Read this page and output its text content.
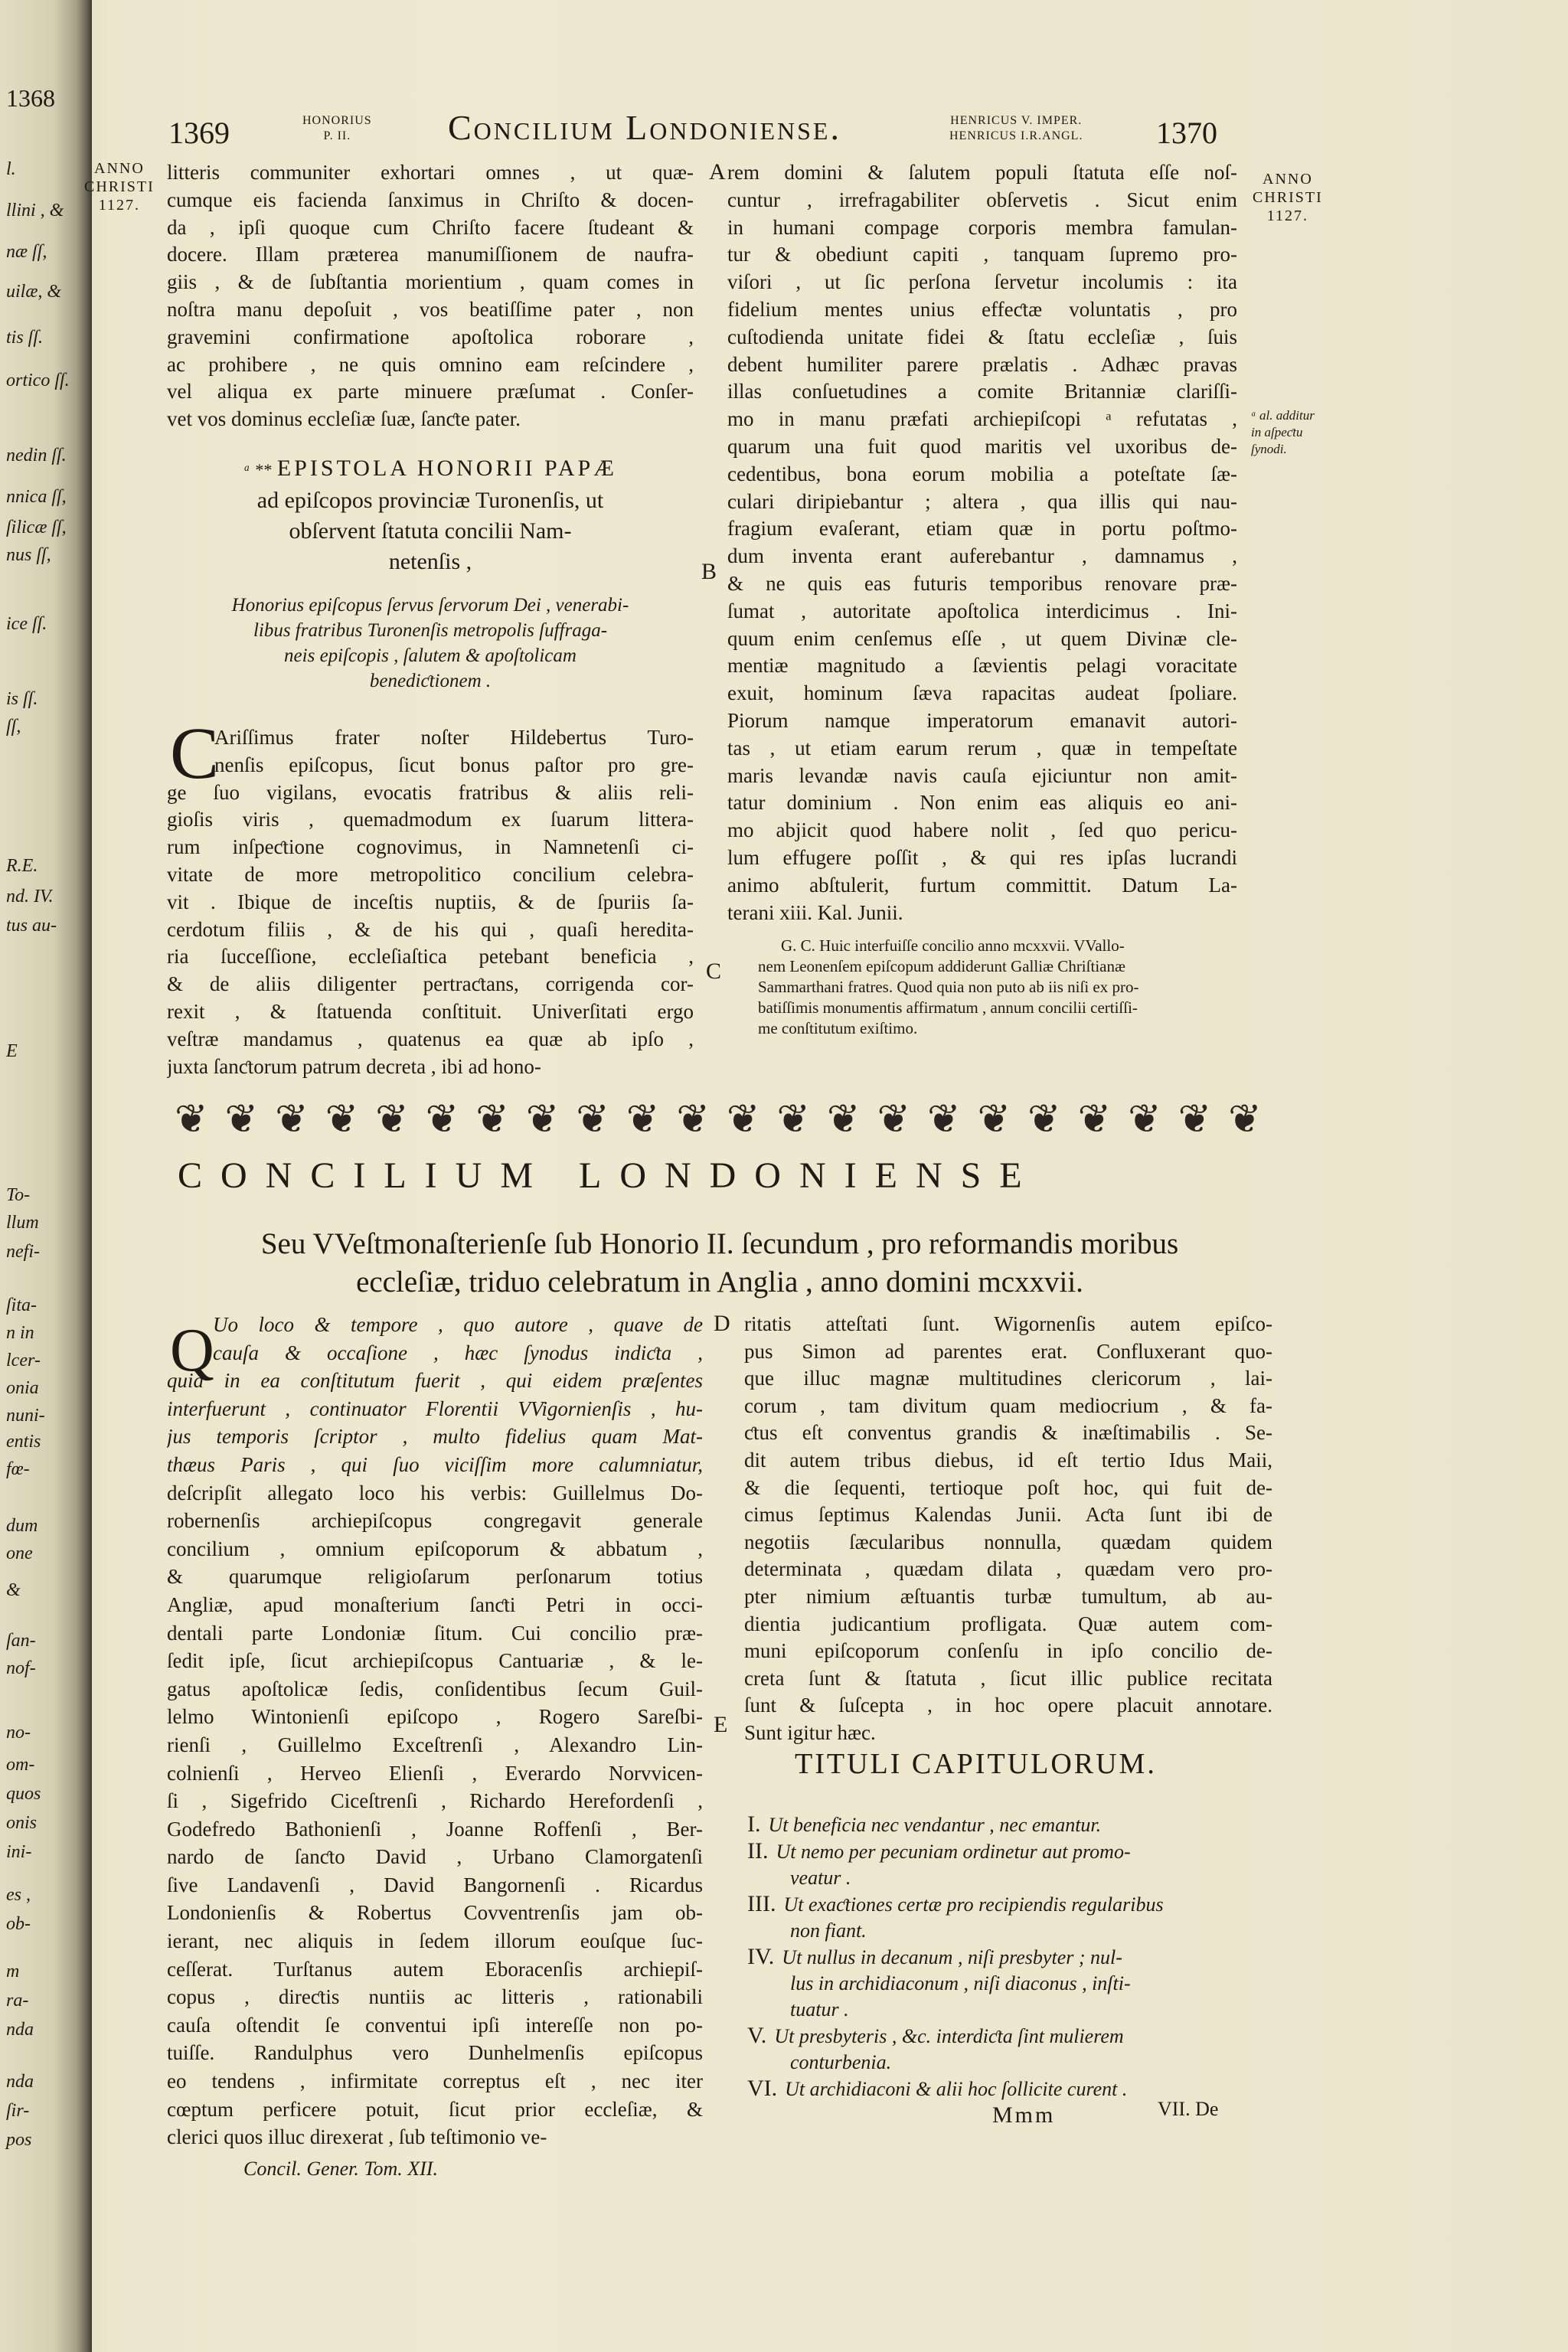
1368
l.
llini , &
næ ſſ,
uilæ, &
tis ſſ.
ortico ſſ.
nedin ſſ.
nnica ſſ,
ſilicæ ſſ,
nus ſſ,
ice ſſ.
is ſſ.
ſſ,
R.E.
nd. IV.
tus au-
E
To-
llum
nefi-
ſita-
n in
lcer-
onia
nuni-
entis
fœ-
dum
one
&
ſan-
nof-
no-
om-
quos
onis
ini-
es ,
ob-
m
ra-
nda
nda
ſir-
pos
1369	HONORIUS
P. II.	Concilium Londoniense.	HENRICUS V. IMPER.
HENRICUS I.R.ANGL. 1370
ANNO
CHRISTI
1127.
ANNO
CHRISTI
1127.
litteris communiter exhortari omnes , ut quæ-
cumque eis facienda ſanximus in Chriſto & docen-
da , ipſi quoque cum Chriſto facere ſtudeant &
docere. Illam præterea manumiſſionem de naufra-
giis , & de ſubſtantia morientium , quam comes in
noſtra manu depoſuit , vos beatiſſime pater , non
gravemini confirmatione apoſtolica roborare ,
ac prohibere , ne quis omnino eam reſcindere ,
vel aliqua ex parte minuere præſumat . Conſer-
vet vos dominus eccleſiæ ſuæ, ſanƈte pater.
ᵃ ** EPISTOLA HONORII PAPÆ
ad epiſcopos provinciæ Turonenſis, ut
obſervent ſtatuta concilii Nam-
netenſis ,
Honorius epiſcopus ſervus ſervorum Dei , venerabi-
libus fratribus Turonenſis metropolis ſuffraga-
neis epiſcopis , ſalutem & apoſtolicam
benediƈtionem .
C
Ariſſimus frater noſter Hildebertus Turo-
nenſis epiſcopus, ſicut bonus paſtor pro gre-
ge ſuo vigilans, evocatis fratribus & aliis reli-
gioſis viris , quemadmodum ex ſuarum littera-
rum inſpeƈtione cognovimus, in Namnetenſi ci-
vitate de more metropolitico concilium celebra-
vit . Ibique de inceſtis nuptiis, & de ſpuriis ſa-
cerdotum filiis , & de his qui , quaſi heredita-
ria ſucceſſione, eccleſiaſtica petebant beneficia ,
& de aliis diligenter pertraƈtans, corrigenda cor-
rexit , & ſtatuenda conſtituit. Univerſitati ergo
veſtræ mandamus , quatenus ea quæ ab ipſo ,
juxta ſanƈtorum patrum decreta , ibi ad hono-
rem domini & ſalutem populi ſtatuta eſſe noſ-
cuntur , irrefragabiliter obſervetis . Sicut enim
in humani compage corporis membra famulan-
tur & obediunt capiti , tanquam ſupremo pro-
viſori , ut ſic perſona ſervetur incolumis : ita
fidelium mentes unius effeƈtæ voluntatis , pro
cuſtodienda unitate fidei & ſtatu eccleſiæ , ſuis
debent humiliter parere prælatis . Adhæc pravas
illas conſuetudines a comite Britanniæ clariſſi-
mo in manu præfati archiepiſcopi ᵃ refutatas ,
quarum una fuit quod maritis vel uxoribus de-
cedentibus, bona eorum mobilia a poteſtate ſæ-
culari diripiebantur ; altera , qua illis qui nau-
fragium evaſerant, etiam quæ in portu poſtmo-
dum inventa erant auferebantur , damnamus ,
& ne quis eas futuris temporibus renovare præ-
ſumat , autoritate apoſtolica interdicimus . Ini-
quum enim cenſemus eſſe , ut quem Divinæ cle-
mentiæ magnitudo a ſævientis pelagi voracitate
exuit, hominum ſæva rapacitas audeat ſpoliare.
Piorum namque imperatorum emanavit autori-
tas , ut etiam earum rerum , quæ in tempeſtate
maris levandæ navis cauſa ejiciuntur non amit-
tatur dominium . Non enim eas aliquis eo ani-
mo abjicit quod habere nolit , ſed quo pericu-
lum effugere poſſit , & qui res ipſas lucrandi
animo abſtulerit, furtum committit. Datum La-
terani xiii. Kal. Junii.
ᵃ al. additur
in aſpeƈtu
ſynodi.
G. C. Huic interfuiſſe concilio anno mcxxvii. VVallo-
nem Leonenſem epiſcopum addiderunt Galliæ Chriſtianæ
Sammarthani fratres. Quod quia non puto ab iis niſi ex pro-
batiſſimis monumentis affirmatum , annum concilii certiſſi-
me conſtitutum exiſtimo.
A
B
C
D
E
❦ ❦ ❦ ❦ ❦ ❦ ❦ ❦ ❦ ❦ ❦ ❦ ❦ ❦ ❦ ❦ ❦ ❦ ❦ ❦ ❦ ❦
CONCILIUM LONDONIENSE
Seu VVeſtmonaſterienſe ſub Honorio II. ſecundum , pro reformandis moribus
eccleſiæ, triduo celebratum in Anglia , anno domini mcxxvii.
Q
Uo loco & tempore , quo autore , quave de
cauſa & occaſione , hæc ſynodus indiƈta ,
quid in ea conſtitutum fuerit , qui eidem præſentes
interfuerunt , continuator Florentii VVigornienſis , hu-
jus temporis ſcriptor , multo fidelius quam Mat-
thæus Paris , qui ſuo viciſſim more calumniatur,
deſcripſit allegato loco his verbis: Guillelmus Do-
robernenſis archiepiſcopus congregavit generale
concilium , omnium epiſcoporum & abbatum ,
& quarumque religioſarum perſonarum totius
Angliæ, apud monaſterium ſanƈti Petri in occi-
dentali parte Londoniæ ſitum. Cui concilio præ-
ſedit ipſe, ſicut archiepiſcopus Cantuariæ , & le-
gatus apoſtolicæ ſedis, conſidentibus ſecum Guil-
lelmo Wintonienſi epiſcopo , Rogero Sareſbi-
rienſi , Guillelmo Exceſtrenſi , Alexandro Lin-
colnienſi , Herveo Elienſi , Everardo Norvvicen-
ſi , Sigefrido Ciceſtrenſi , Richardo Herefordenſi ,
Godefredo Bathonienſi , Joanne Roffenſi , Ber-
nardo de ſanƈto David , Urbano Clamorgatenſi
ſive Landavenſi , David Bangornenſi . Ricardus
Londonienſis & Robertus Covventrenſis jam ob-
ierant, nec aliquis in ſedem illorum eouſque ſuc-
ceſſerat. Turſtanus autem Eboracenſis archiepiſ-
copus , direƈtis nuntiis ac litteris , rationabili
cauſa oſtendit ſe conventui ipſi intereſſe non po-
tuiſſe. Randulphus vero Dunhelmenſis epiſcopus
eo tendens , infirmitate correptus eſt , nec iter
cœptum perficere potuit, ſicut prior eccleſiæ, &
clerici quos illuc direxerat , ſub teſtimonio ve-
ritatis atteſtati ſunt. Wigornenſis autem epiſco-
pus Simon ad parentes erat. Confluxerant quo-
que illuc magnæ multitudines clericorum , lai-
corum , tam divitum quam mediocrium , & fa-
ƈtus eſt conventus grandis & inæſtimabilis . Se-
dit autem tribus diebus, id eſt tertio Idus Maii,
& die ſequenti, tertioque poſt hoc, qui fuit de-
cimus ſeptimus Kalendas Junii. Aƈta ſunt ibi de
negotiis ſæcularibus nonnulla, quædam quidem
determinata , quædam dilata , quædam vero pro-
pter nimium æſtuantis turbæ tumultum, ab au-
dientia judicantium profligata. Quæ autem com-
muni epiſcoporum conſenſu in ipſo concilio de-
creta ſunt & ſtatuta , ſicut illic publice recitata
ſunt & ſuſcepta , in hoc opere placuit annotare.
Sunt igitur hæc.
TITULI CAPITULORUM.
I. Ut beneficia nec vendantur , nec emantur.
II. Ut nemo per pecuniam ordinetur aut promo-
veatur .
III. Ut exaƈtiones certæ pro recipiendis regularibus
non fiant.
IV. Ut nullus in decanum , niſi presbyter ; nul-
lus in archidiaconum , niſi diaconus , inſti-
tuatur .
V. Ut presbyteris , &c. interdiƈta ſint mulierem
conturbenia.
VI. Ut archidiaconi & alii hoc ſollicite curent .
Concil. Gener. Tom. XII.
Mmm	VII. De
